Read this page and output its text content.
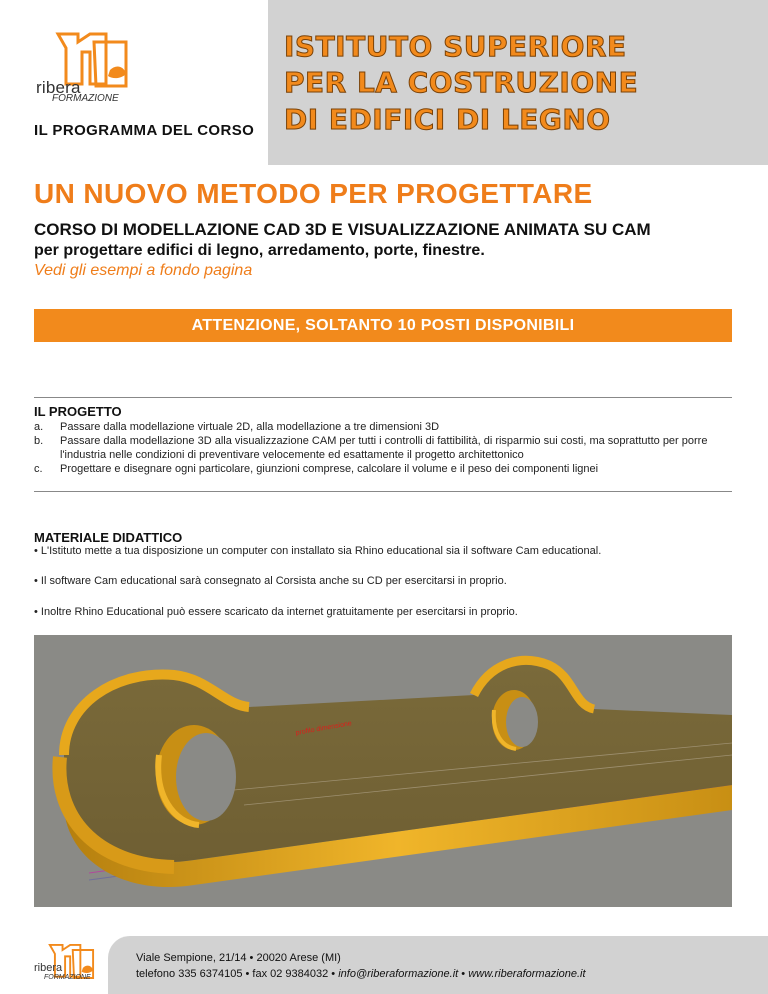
ribera
FORMAZIONE
IL PROGRAMMA DEL CORSO
ISTITUTO SUPERIORE
PER LA COSTRUZIONE
DI EDIFICI DI LEGNO
UN NUOVO METODO PER PROGETTARE
CORSO DI MODELLAZIONE CAD 3D E VISUALIZZAZIONE ANIMATA SU CAM
per progettare edifici di legno, arredamento, porte, finestre.
Vedi gli esempi a fondo pagina
ATTENZIONE, SOLTANTO 10 POSTI DISPONIBILI
IL PROGETTO
a. Passare dalla modellazione virtuale 2D, alla modellazione a tre dimensioni 3D
b. Passare dalla modellazione 3D alla visualizzazione CAM per tutti i controlli di fattibilità, di risparmio sui costi, ma soprattutto per porre l'industria nelle condizioni di preventivare velocemente ed esattamente il progetto architettonico
c. Progettare e disegnare ogni particolare, giunzioni comprese, calcolare il volume e il peso dei componenti lignei
MATERIALE DIDATTICO
• L'Istituto mette a tua disposizione un computer con installato sia Rhino educational sia il software Cam educational.
• Il software Cam educational sarà consegnato al Corsista anche su CD per esercitarsi in proprio.
• Inoltre Rhino Educational può essere scaricato da internet gratuitamente per esercitarsi in proprio.
profilo dimensione
ribera
FORMAZIONE
Viale Sempione, 21/14 • 20020 Arese (MI)
telefono 335 6374105 • fax 02 9384032 • info@riberaformazione.it • www.riberaformazione.it
